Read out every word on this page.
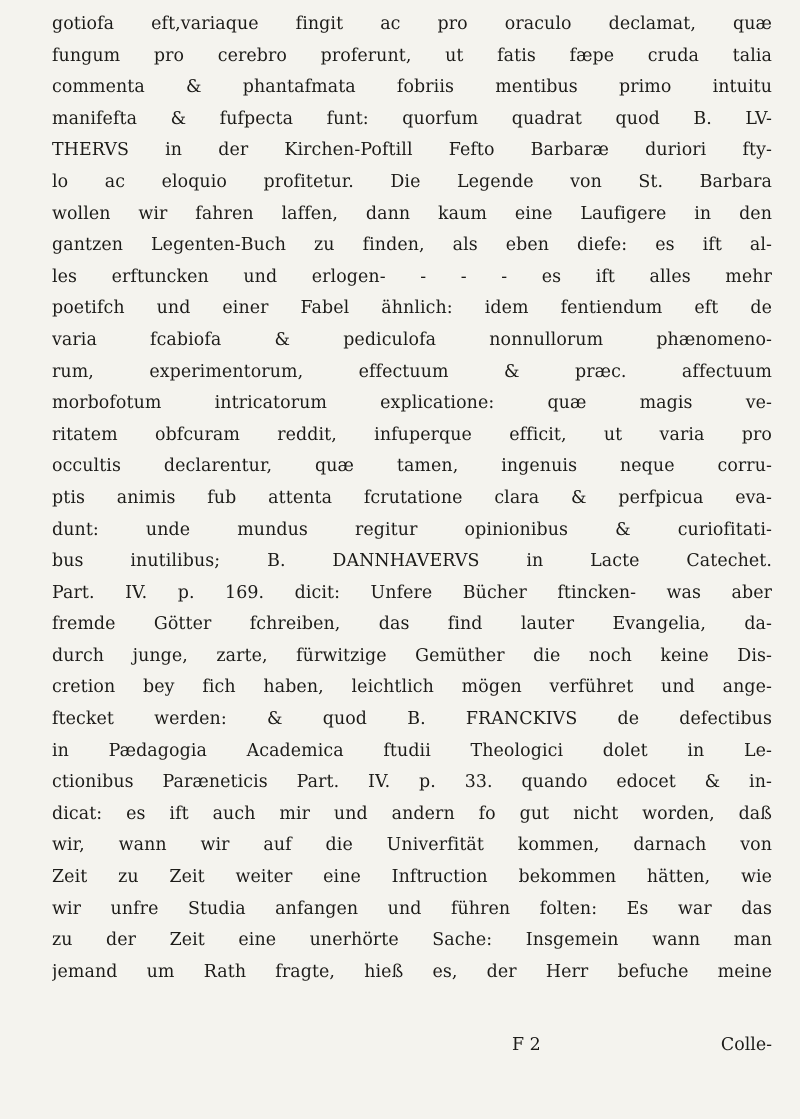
gotiofa eft,variaque fingit ac pro oraculo declamat, quæ
fungum pro cerebro proferunt, ut fatis fæpe cruda talia
commenta & phantafmata fobriis mentibus primo intuitu
manifefta & fufpecta funt: quorfum quadrat quod B. LV-
THERVS in der Kirchen-Poftill Fefto Barbaræ duriori fty-
lo ac eloquio profitetur. Die Legende von St. Barbara
wollen wir fahren laffen, dann kaum eine Laufigere in den
gantzen Legenten-Buch zu finden, als eben diefe: es ift al-
les erftuncken und erlogen- - - - es ift alles mehr
poetifch und einer Fabel ähnlich: idem fentiendum eft de
varia fcabiofa & pediculofa nonnullorum phænomeno-
rum, experimentorum, effectuum & præc. affectuum
morbofotum intricatorum explicatione: quæ magis ve-
ritatem obfcuram reddit, infuperque efficit, ut varia pro
occultis declarentur, quæ tamen, ingenuis neque corru-
ptis animis fub attenta fcrutatione clara & perfpicua eva-
dunt: unde mundus regitur opinionibus & curiofitati-
bus inutilibus; B. DANNHAVERVS in Lacte Catechet.
Part. IV. p. 169. dicit: Unfere Bücher ftincken- was aber
fremde Götter fchreiben, das find lauter Evangelia, da-
durch junge, zarte, fürwitzige Gemüther die noch keine Dis-
cretion bey fich haben, leichtlich mögen verführet und ange-
ftecket werden: & quod B. FRANCKIVS de defectibus
in Pædagogia Academica ftudii Theologici dolet in Le-
ctionibus Paræneticis Part. IV. p. 33. quando edocet & in-
dicat: es ift auch mir und andern fo gut nicht worden, daß
wir, wann wir auf die Univerfität kommen, darnach von
Zeit zu Zeit weiter eine Inftruction bekommen hätten, wie
wir unfre Studia anfangen und führen folten: Es war das
zu der Zeit eine unerhörte Sache: Insgemein wann man
jemand um Rath fragte, hieß es, der Herr befuche meine
F 2	Colle-
